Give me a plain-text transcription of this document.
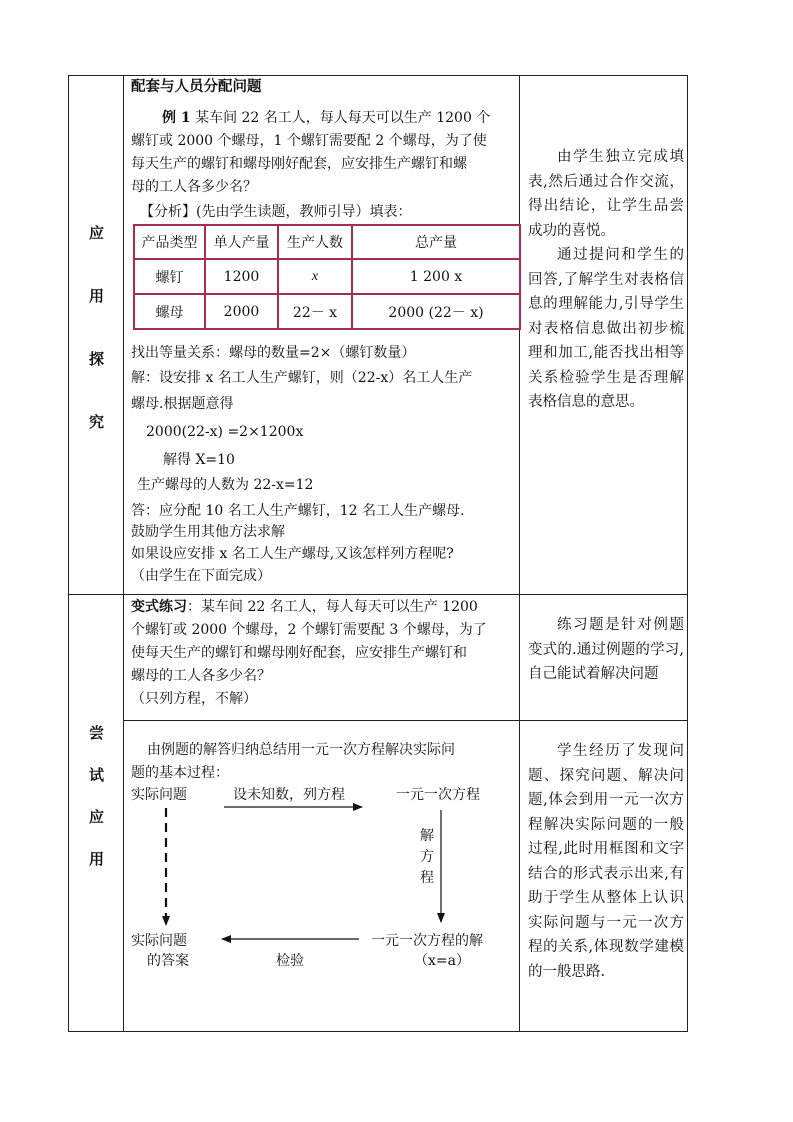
应
用
探
究
尝
试
应
用
配套与人员分配问题
例 1 某车间 22 名工人，每人每天可以生产 1200 个
螺钉或 2000 个螺母，1 个螺钉需要配 2 个螺母，为了使
每天生产的螺钉和螺母刚好配套，应安排生产螺钉和螺
母的工人各多少名？
【分析】(先由学生读题，教师引导）填表：
产品类型	单人产量	生产人数	总产量
螺钉	1200	x	1 200 x
螺母	2000	22－ x	2000 (22－ x)
找出等量关系：螺母的数量=2×（螺钉数量）
解：设安排 x 名工人生产螺钉，则（22-x）名工人生产
螺母.根据题意得
2000(22-x) =2×1200x
解得 X=10
生产螺母的人数为 22-x=12
答：应分配 10 名工人生产螺钉，12 名工人生产螺母.
鼓励学生用其他方法求解
如果设应安排 x 名工人生产螺母,又该怎样列方程呢?
（由学生在下面完成）

由学生独立完成填表,然后通过合作交流，得出结论，让学生品尝成功的喜悦。

通过提问和学生的回答,了解学生对表格信息的理解能力,引导学生对表格信息做出初步梳理和加工,能否找出相等关系检验学生是否理解表格信息的意思。

变式练习：某车间 22 名工人，每人每天可以生产 1200
个螺钉或 2000 个螺母，2 个螺钉需要配 3 个螺母，为了
使每天生产的螺钉和螺母刚好配套，应安排生产螺钉和
螺母的工人各多少名？
（只列方程，不解）

练习题是针对例题变式的.通过例题的学习,自己能试着解决问题

由例题的解答归纳总结用一元一次方程解决实际问
题的基本过程：
实际问题	设未知数，列方程	一元一次方程
解
方
程
实际问题
的答案	检验
一元一次方程的解
（x=a）

学生经历了发现问题、探究问题、解决问题,体会到用一元一次方程解决实际问题的一般过程,此时用框图和文字结合的形式表示出来,有助于学生从整体上认识实际问题与一元一次方程的关系,体现数学建模的一般思路.
